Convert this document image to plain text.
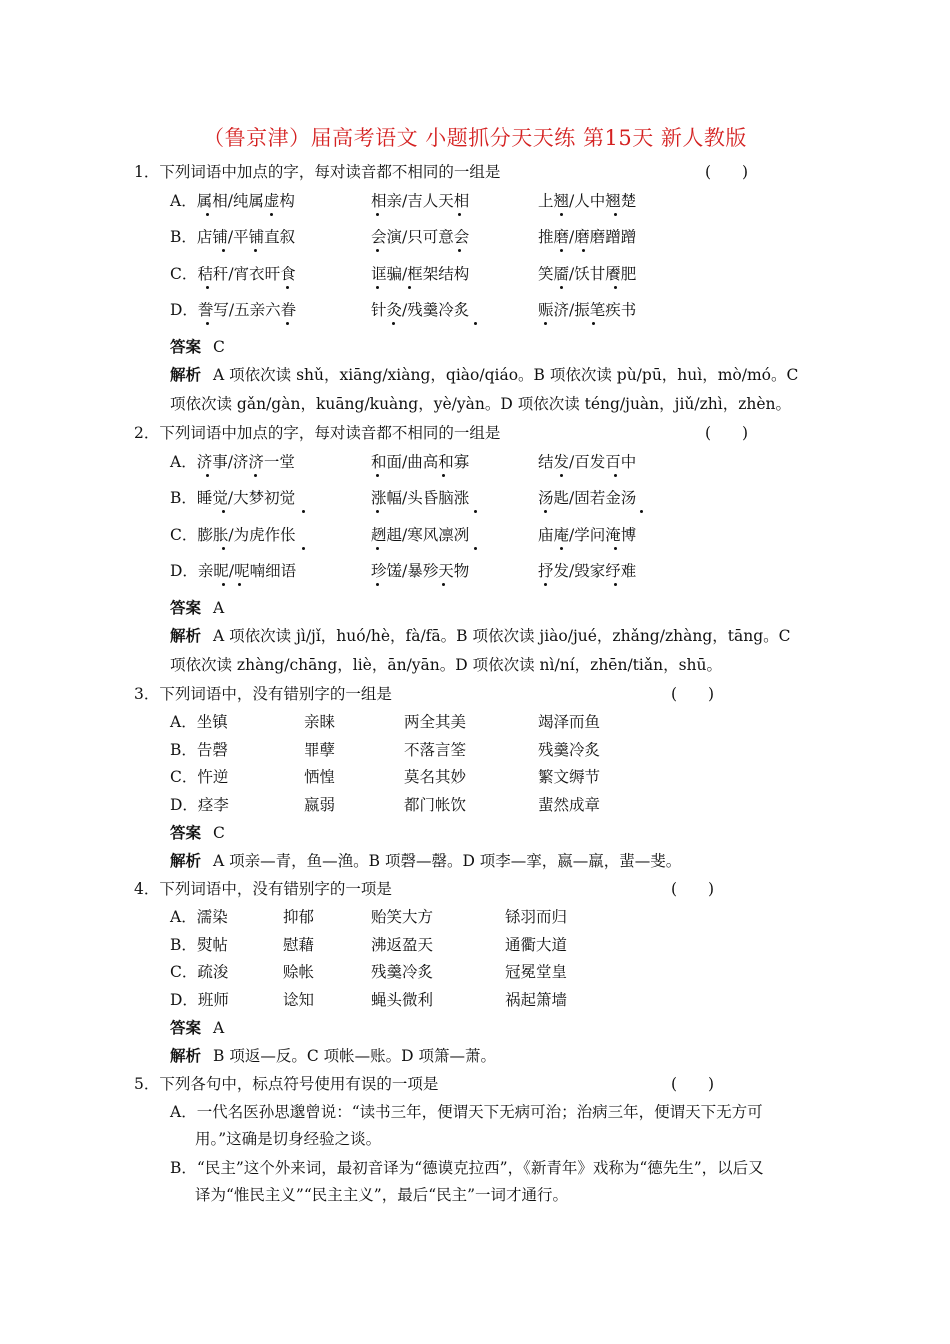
（鲁京津）届高考语文 小题抓分天天练 第15天 新人教版
1．下列词语中加点的字，每对读音都不相同的一组是	(　　)
A．属相/纯属虚构	相亲/吉人天相	上翘/人中翘楚
B．店铺/平铺直叙	会演/只可意会	推磨/磨磨蹭蹭
C．秸秆/宵衣旰食	诓骗/框架结构	笑靥/饫甘餍肥
D．誊写/五亲六眷	针灸/残羹冷炙	赈济/振笔疾书
答案 C
解析 A 项依次读 shǔ，xiāng/xiàng，qiào/qiáo。B 项依次读 pù/pū，huì，mò/mó。C
项依次读 gǎn/gàn，kuāng/kuàng，yè/yàn。D 项依次读 téng/juàn，jiǔ/zhì，zhèn。
2．下列词语中加点的字，每对读音都不相同的一组是	(　　)
A．济事/济济一堂	和面/曲高和寡	结发/百发百中
B．睡觉/大梦初觉	涨幅/头昏脑涨	汤匙/固若金汤
C．膨胀/为虎作伥	趔趄/寒风凛冽	庙庵/学问淹博
D．亲昵/呢喃细语	珍馐/暴殄天物	抒发/毁家纾难
答案 A
解析 A 项依次读 jì/jǐ，huó/hè，fà/fā。B 项依次读 jiào/jué，zhǎng/zhàng，tāng。C
项依次读 zhàng/chāng，liè，ān/yān。D 项依次读 nì/ní，zhēn/tiǎn，shū。
3．下列词语中，没有错别字的一组是	(　　)
A．坐镇	亲睐	两全其美	竭泽而鱼
B．告磬	罪孽	不落言筌	残羹冷炙
C．忤逆	恓惶	莫名其妙	繁文缛节
D．痉李	嬴弱	都门帐饮	蜚然成章
答案 C
解析 A 项亲—青，鱼—渔。B 项磬—罄。D 项李—挛，嬴—羸，蜚—斐。
4．下列词语中，没有错别字的一项是	(　　)
A．濡染	抑郁	贻笑大方	铩羽而归
B．熨帖	慰藉	沸返盈天	通衢大道
C．疏浚	赊帐	残羹冷炙	冠冕堂皇
D．班师	谂知	蝇头微利	祸起箫墙
答案 A
解析 B 项返—反。C 项帐—账。D 项箫—萧。
5．下列各句中，标点符号使用有误的一项是	(　　)
A．一代名医孙思邈曾说：“读书三年，便谓天下无病可治；治病三年，便谓天下无方可
用。”这确是切身经验之谈。
B．“民主”这个外来词，最初音译为“德谟克拉西”，《新青年》戏称为“德先生”，以后又
译为“惟民主义”“民主主义”，最后“民主”一词才通行。
